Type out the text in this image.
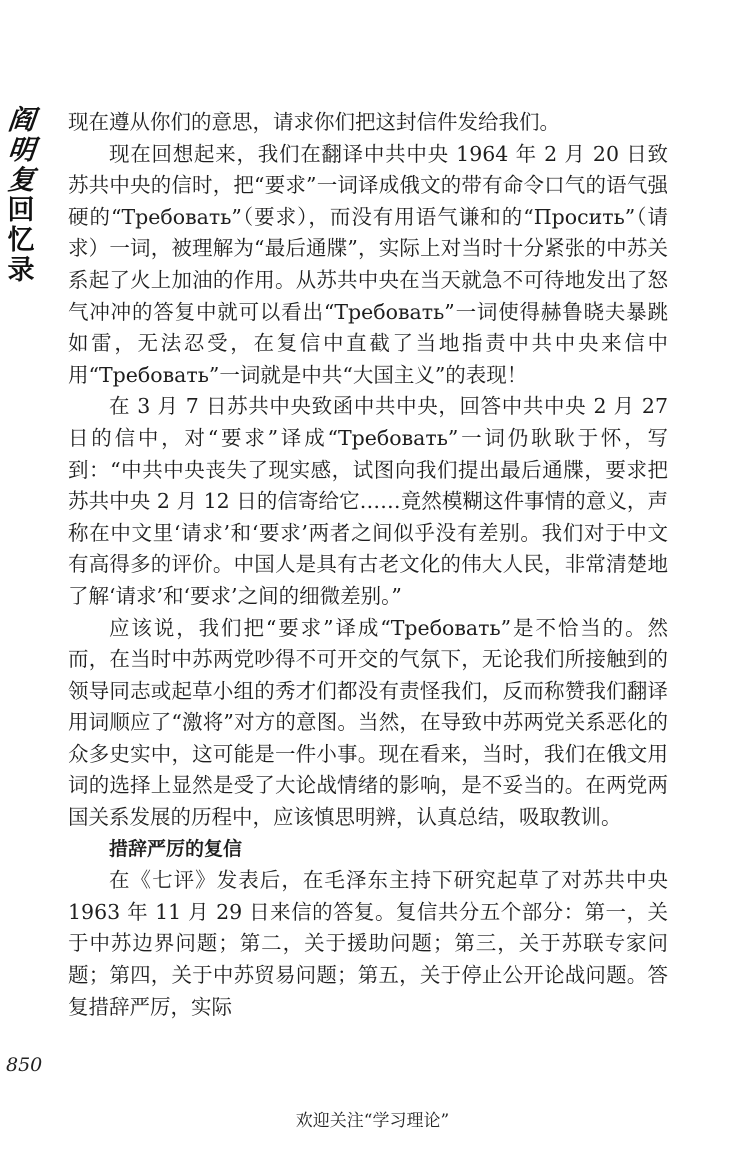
阎
明
复
回
忆
录

现在遵从你们的意思，请求你们把这封信件发给我们。

现在回想起来，我们在翻译中共中央 1964 年 2 月 20 日致苏共中央的信时，把“要求”一词译成俄文的带有命令口气的语气强硬的“Требовать”（要求），而没有用语气谦和的“Просить”（请求）一词，被理解为“最后通牒”，实际上对当时十分紧张的中苏关系起了火上加油的作用。从苏共中央在当天就急不可待地发出了怒气冲冲的答复中就可以看出“Требовать”一词使得赫鲁晓夫暴跳如雷，无法忍受，在复信中直截了当地指责中共中央来信中用“Требовать”一词就是中共“大国主义”的表现！

在 3 月 7 日苏共中央致函中共中央，回答中共中央 2 月 27 日的信中，对“要求”译成“Требовать”一词仍耿耿于怀，写到：“中共中央丧失了现实感，试图向我们提出最后通牒，要求把苏共中央 2 月 12 日的信寄给它……竟然模糊这件事情的意义，声称在中文里‘请求’和‘要求’两者之间似乎没有差别。我们对于中文有高得多的评价。中国人是具有古老文化的伟大人民，非常清楚地了解‘请求’和‘要求’之间的细微差别。”

应该说，我们把“要求”译成“Требовать”是不恰当的。然而，在当时中苏两党吵得不可开交的气氛下，无论我们所接触到的领导同志或起草小组的秀才们都没有责怪我们，反而称赞我们翻译用词顺应了“激将”对方的意图。当然，在导致中苏两党关系恶化的众多史实中，这可能是一件小事。现在看来，当时，我们在俄文用词的选择上显然是受了大论战情绪的影响，是不妥当的。在两党两国关系发展的历程中，应该慎思明辨，认真总结，吸取教训。

措辞严厉的复信

在《七评》发表后，在毛泽东主持下研究起草了对苏共中央 1963 年 11 月 29 日来信的答复。复信共分五个部分：第一，关于中苏边界问题；第二，关于援助问题；第三，关于苏联专家问题；第四，关于中苏贸易问题；第五，关于停止公开论战问题。答复措辞严厉，实际

850
欢迎关注“学习理论”
